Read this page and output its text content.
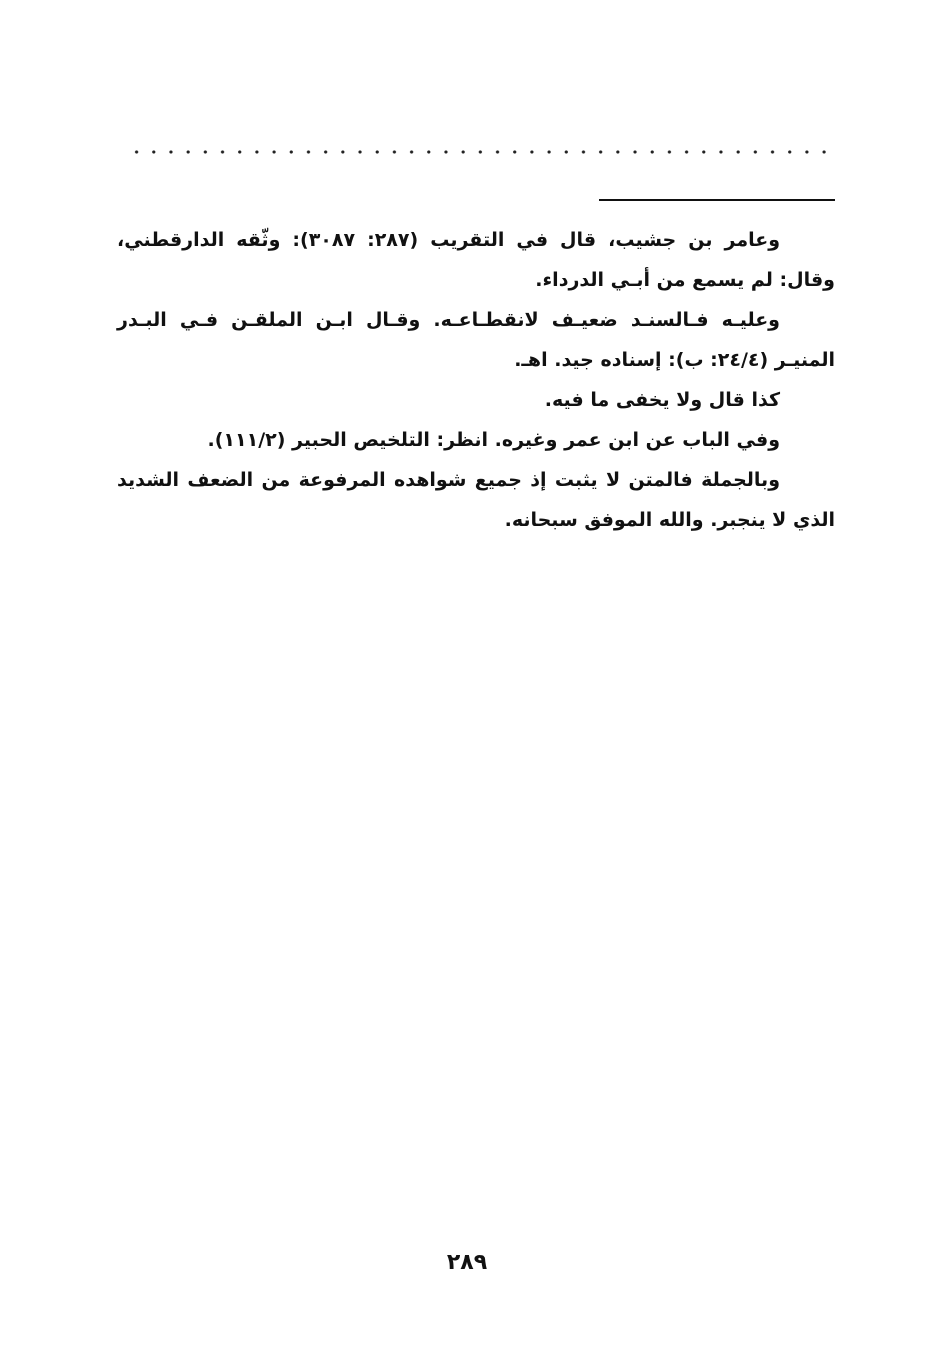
وعامر بن جشيب، قال في التقريب (٢٨٧: ٣٠٨٧): وثّقه الدارقطني، وقال: لم يسمع من أبـي الدرداء.

وعليـه فـالسنـد ضعيـف لانقطـاعـه. وقـال ابـن الملقـن فـي البـدر المنيـر (٢٤/٤: ب): إسناده جيد. اهـ.

كذا قال ولا يخفى ما فيه.

وفي الباب عن ابن عمر وغيره. انظر: التلخيص الحبير (١١١/٢).

وبالجملة فالمتن لا يثبت إذ جميع شواهده المرفوعة من الضعف الشديد الذي لا ينجبر. والله الموفق سبحانه.

٢٨٩
